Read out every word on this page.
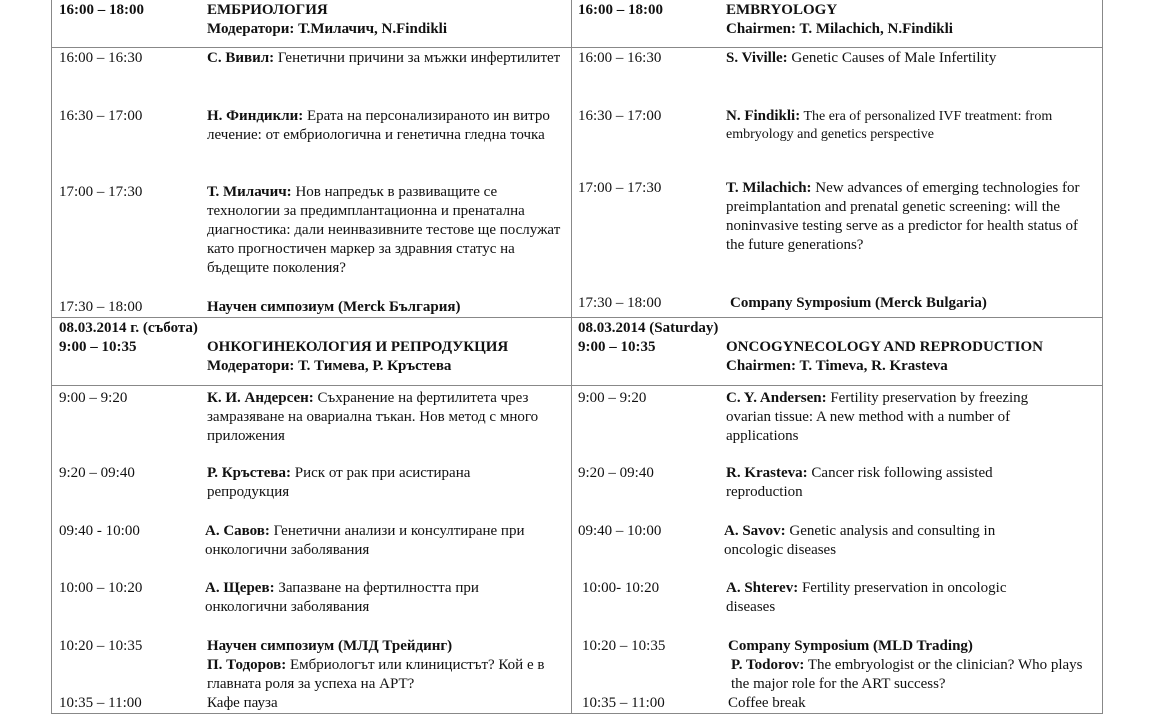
16:00 – 18:00	ЕМБРИОЛОГИЯ
Модератори: Т.Милачич, N.Findikli
16:00 – 16:30	С. Вивил: Генетични причини за мъжки инфертилитет
16:30 – 17:00	Н. Финдикли: Ерата на персонализираното ин витро лечение: от ембриологична и генетична гледна точка
17:00 – 17:30	Т. Милачич: Нов напредък в развиващите се технологии за предимплантационна и пренатална диагностика: дали неинвазивните тестове ще послужат като прогностичен маркер за здравния статус на бъдещите поколения?
17:30 – 18:00	Научен симпозиум (Merck България)
08.03.2014 г. (събота)
9:00 – 10:35	ОНКОГИНЕКОЛОГИЯ И РЕПРОДУКЦИЯ
Модератори: Т. Тимева, Р. Кръстева
9:00 – 9:20	К. И. Андерсен: Съхранение на фертилитета чрез замразяване на овариална тъкан. Нов метод с много приложения
9:20 – 09:40	Р. Кръстева: Риск от рак при асистирана репродукция
09:40 - 10:00	А. Савов: Генетични анализи и консултиране при онкологични заболявания
10:00 – 10:20	А. Щерев: Запазване на фертилността при онкологични заболявания
10:20 – 10:35	Научен симпозиум (МЛД Трейдинг)
П. Тодоров: Ембриологът или клиницистът? Кой е в главната роля за успеха на АРТ?
10:35 – 11:00	Кафе пауза
16:00 – 18:00	EMBRYOLOGY
Chairmen: T. Milachich, N.Findikli
16:00 – 16:30	S. Viville: Genetic Causes of Male Infertility
16:30 – 17:00	N. Findikli: The era of personalized IVF treatment: from embryology and genetics perspective
17:00 – 17:30	T. Milachich: New advances of emerging technologies for preimplantation and prenatal genetic screening: will the noninvasive testing serve as a predictor for health status of the future generations?
17:30 – 18:00	Company Symposium (Merck Bulgaria)
08.03.2014 (Saturday)
9:00 – 10:35	ONCOGYNECOLOGY AND REPRODUCTION
Chairmen: T. Timeva, R. Krasteva
9:00 – 9:20	C. Y. Andersen: Fertility preservation by freezing ovarian tissue: A new method with a number of applications
9:20 – 09:40	R. Krasteva: Cancer risk following assisted reproduction
09:40 – 10:00	A. Savov: Genetic analysis and consulting in oncologic diseases
10:00- 10:20	A. Shterev: Fertility preservation in oncologic diseases
10:20 – 10:35	Company Symposium (MLD Trading)
P. Todorov: The embryologist or the clinician? Who plays the major role for the ART success?
10:35 – 11:00	Coffee break
